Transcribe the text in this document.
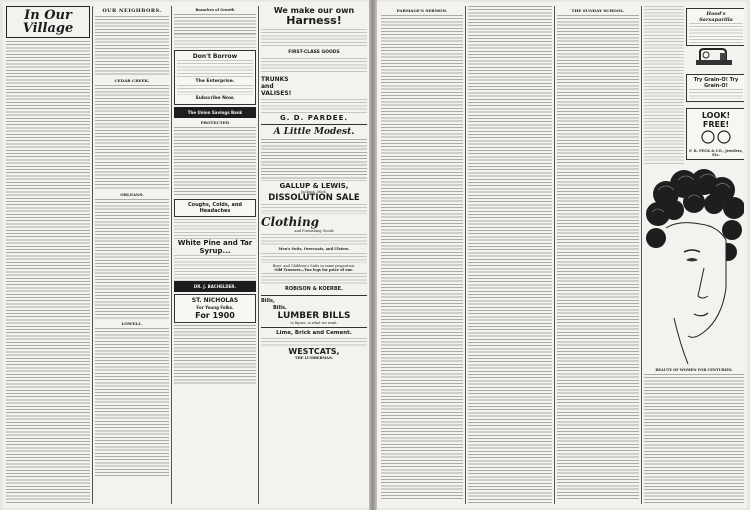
In Our Village
OUR NEIGHBORS.
CEDAR CREEK.
ORLEANS.
LOWELL.
Branches of Growth
Don't Borrow
The Enterprise.
Subscribe Now.
The Union Savings Bank
PROTECTED
Coughs, Colds, and Headaches
White Pine and Tar Syrup...
DR. J. BACHELDER.
ST. NICHOLAS
For Young Folks.
For 1900
We make our own
Harness!
FIRST-CLASS GOODS
TRUNKS and VALISES!
G. D. PARDEE.
A Little Modest.
GALLUP & LEWIS,
Jackson, Mich.
DISSOLUTION SALE
Clothing
and Furnishing Goods
Men's Suits, Overcoats, and Ulsters.
Boys' and Children's Suits in same proportion.
Odd Trousers—Two legs for price of one.
ROBISON & KOERBE.
Bills,
Bills.
LUMBER BILLS
to figure, is what we want.
Lime, Brick and Cement.
WESTCATS,
THE LUMBERMAN.
PARMAGE'S SERMON.	THE SUNDAY SCHOOL.
Hood's Sarsaparilla
Try Grain-O! Try Grain-O!
LOOK!
FREE!
F. R. PECK & CO., Jewelers, Etc.
BEAUTY OF WOMEN FOR CENTURIES.
